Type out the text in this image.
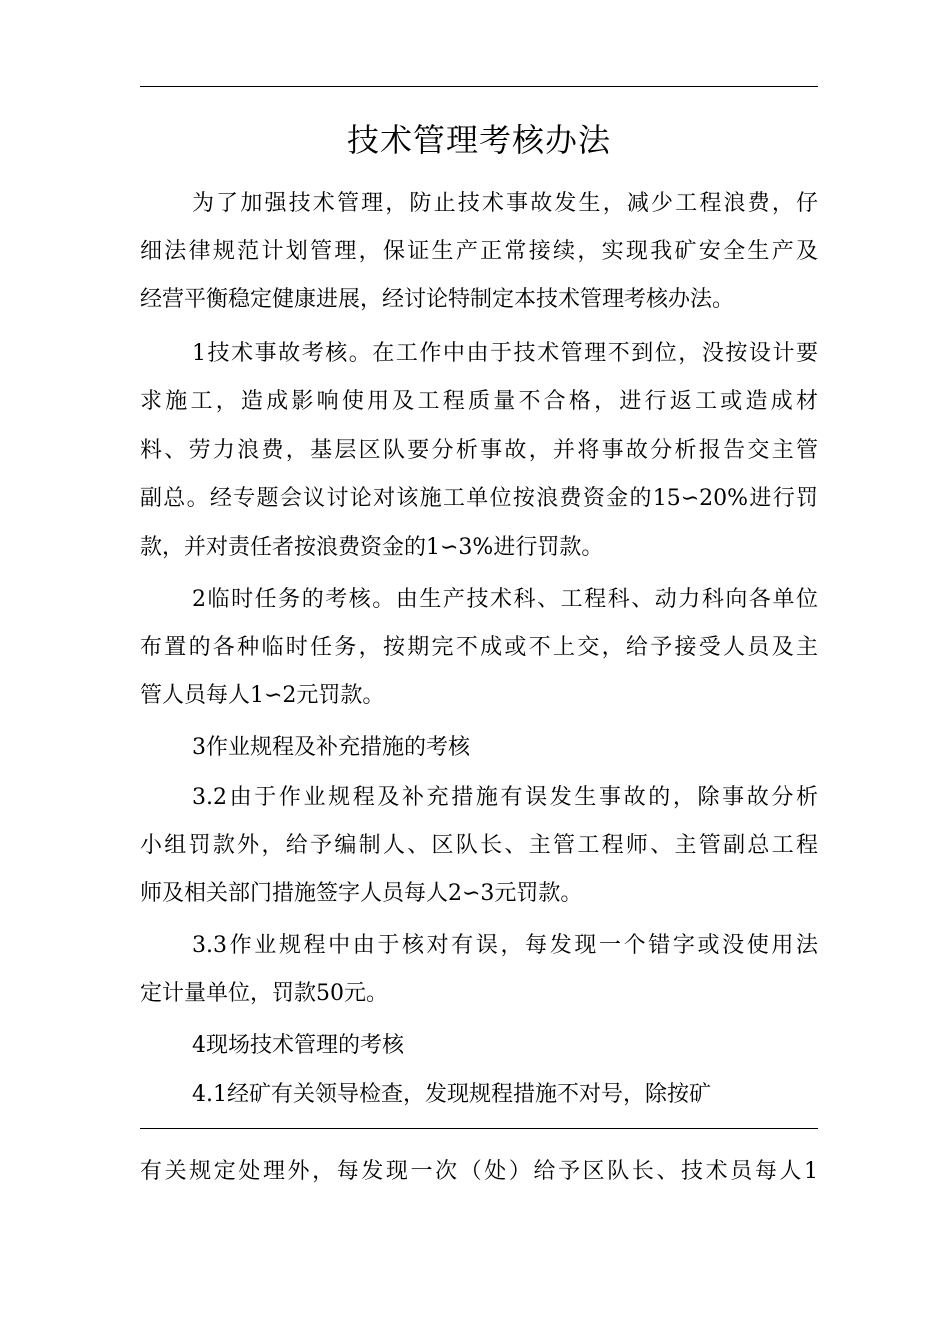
技术管理考核办法
为了加强技术管理，防止技术事故发生，减少工程浪费，仔
细法律规范计划管理，保证生产正常接续，实现我矿安全生产及
经营平衡稳定健康进展，经讨论特制定本技术管理考核办法。
1技术事故考核。在工作中由于技术管理不到位，没按设计要
求施工，造成影响使用及工程质量不合格，进行返工或造成材
料、劳力浪费，基层区队要分析事故，并将事故分析报告交主管
副总。经专题会议讨论对该施工单位按浪费资金的15∽20%进行罚
款，并对责任者按浪费资金的1∽3%进行罚款。
2临时任务的考核。由生产技术科、工程科、动力科向各单位
布置的各种临时任务，按期完不成或不上交，给予接受人员及主
管人员每人1∽2元罚款。
3作业规程及补充措施的考核
3.2由于作业规程及补充措施有误发生事故的，除事故分析
小组罚款外，给予编制人、区队长、主管工程师、主管副总工程
师及相关部门措施签字人员每人2∽3元罚款。
3.3作业规程中由于核对有误，每发现一个错字或没使用法
定计量单位，罚款50元。
4现场技术管理的考核
4.1经矿有关领导检查，发现规程措施不对号，除按矿
有关规定处理外，每发现一次（处）给予区队长、技术员每人1
